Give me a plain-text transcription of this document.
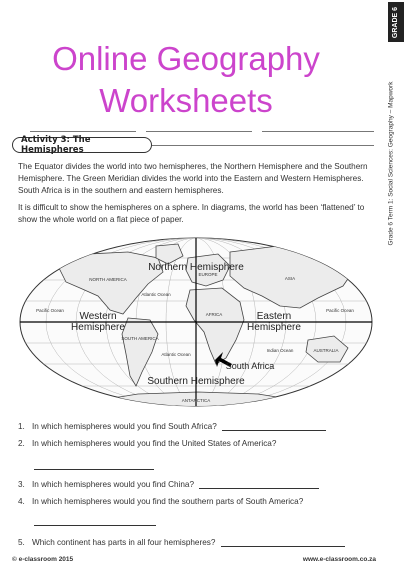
Online Geography
Worksheets
GRADE 6
Grade 6 Term 1: Social Sciences: Geography – Mapwork
Activity 3: The Hemispheres

The Equator divides the world into two hemispheres, the Northern Hemisphere and the Southern Hemisphere. The Green Meridian divides the world into the Eastern and Western Hemispheres. South Africa is in the southern and eastern hemispheres.

It is difficult to show the hemispheres on a sphere. In diagrams, the world has been ‘flattened’ to show the whole world on a flat piece of paper.

Northern Hemisphere
Southern Hemisphere
Western Hemisphere
Eastern Hemisphere
South Africa
NORTH AMERICA
SOUTH AMERICA
EUROPE
ASIA
AFRICA
AUSTRALIA
ANTARCTICA
Atlantic Ocean
Atlantic Ocean
Pacific Ocean	Pacific Ocean
Indian Ocean
1. In which hemispheres would you find South Africa?
2. In which hemispheres would you find the United States of America?
3. In which hemispheres would you find China?
4. In which hemispheres would you find the southern parts of South America?
5. Which continent has parts in all four hemispheres?
© e-classroom 2015	www.e-classroom.co.za
